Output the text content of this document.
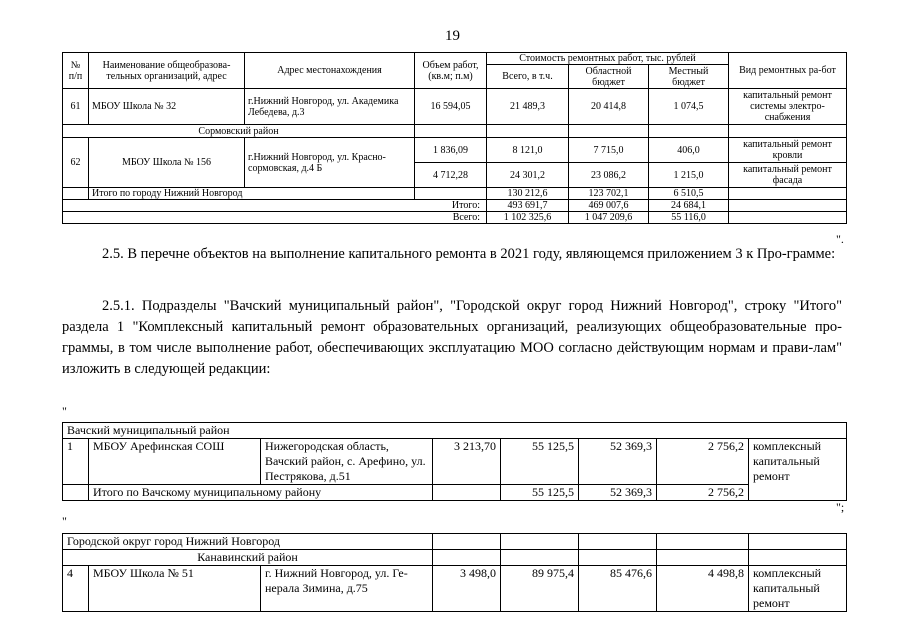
19
№ п/п	Наименование общеобразова-тельных организаций, адрес	Адрес местонахождения	Объем работ, (кв.м; п.м)	Стоимость ремонтных работ, тыс. рублей			Вид ремонтных ра-бот
				Всего, в т.ч.	Областной бюджет	Местный бюджет	
61	МБОУ Школа № 32	г.Нижний Новгород, ул. Академика Лебедева, д.3	16 594,05	21 489,3	20 414,8	1 074,5	капитальный ремонт системы электро-снабжения
Сормовский район							
62	МБОУ Школа № 156	г.Нижний Новгород, ул. Красно-сормовская, д.4 Б	1 836,09	8 121,0	7 715,0	406,0	капитальный ремонт кровли
			4 712,28	24 301,2	23 086,2	1 215,0	капитальный ремонт фасада
	Итого по городу Нижний Новгород			130 212,6	123 702,1	6 510,5	
Итого:				493 691,7	469 007,6	24 684,1	
Всего:				1 102 325,6	1 047 209,6	55 116,0	
".
2.5. В перечне объектов на выполнение капитального ремонта в 2021 году, являющемся приложением 3 к Про-грамме:
2.5.1. Подразделы "Вачский муниципальный район", "Городской округ город Нижний Новгород", строку "Итого" раздела 1 "Комплексный капитальный ремонт образовательных организаций, реализующих общеобразовательные про-граммы, в том числе выполнение работ, обеспечивающих эксплуатацию МОО согласно действующим нормам и прави-лам" изложить в следующей редакции:
"
Вачский муниципальный район							
1	МБОУ Арефинская СОШ	Нижегородская область, Вачский район, с. Арефино, ул. Пестрякова, д.51	3 213,70	55 125,5	52 369,3	2 756,2	комплексный капитальный ремонт
	Итого по Вачскому муниципальному району			55 125,5	52 369,3	2 756,2	
";
"
Городской округ город Нижний Новгород							
Канавинский район							
4	МБОУ Школа № 51	г. Нижний Новгород, ул. Ге-нерала Зимина, д.75	3 498,0	89 975,4	85 476,6	4 498,8	комплексный капитальный ремонт
